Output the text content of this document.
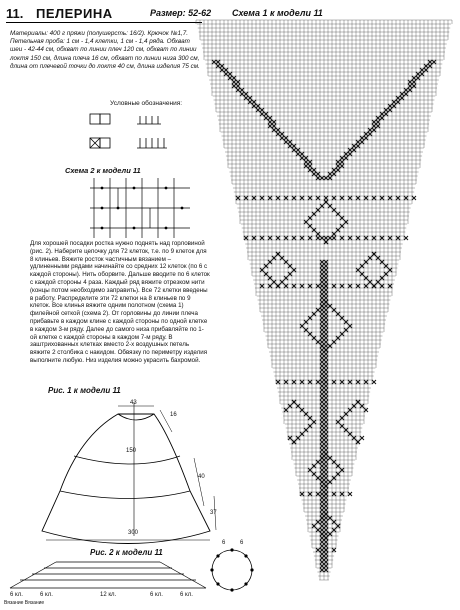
11. ПЕЛЕРИНА	Размер: 52-62 Схема 1 к модели 11
Материалы: 400 г пряжи (полушерсть: 16/2). Крючок №1,7. Петельная проба: 1 см - 1,4 клетки, 1 см - 1,4 ряда. Обхват шеи - 42-44 см, обхват по линии плеч 120 см, обхват по линии локтя 150 см, длина плеча 16 см, обхват по линии низа 300 см, длина от плечевой точки до локтя 40 см, длина изделия 75 см.
Условные обозначения:
Схема 2 к модели 11
Для хорошей посадки ростка нужно поднять над горловиной (рис. 2). Наберите цепочку для 72 клеток, т.е. по 9 клеток для 8 клиньев. Вяжите росток частичным вязанием – удлиненными рядами начинайте со средних 12 клеток (по 6 с каждой стороны). Нить оборвите. Дальше вводите по 6 клеток с каждой стороны 4 раза. Каждый ряд вяжите отрезком нити (концы потом необходимо заправить). Все 72 клетки введены в работу. Распределите эти 72 клетки на 8 клиньев по 9 клеток. Все клинья вяжите одним полотном (схема 1) филейной сеткой (схема 2). От горловины до линии плеча прибавьте в каждом клине с каждой стороны по одной клетке в каждом 3-м ряду. Далее до самого низа прибавляйте по 1-ой клетке с каждой стороны в каждом 7-м ряду. В заштрихованных клетках вместо 2-х воздушных петель вяжите 2 столбика с накидом. Обвязку по периметру изделия выполните любую. Низ изделия можно украсить бахромой.
Рис. 1 к модели 11
43
16
150
40
37
300
Рис. 2 к модели 11
6 кл.	6 кл.	12 кл.	6 кл.	6 кл.
6 6
Вязание Вязание
